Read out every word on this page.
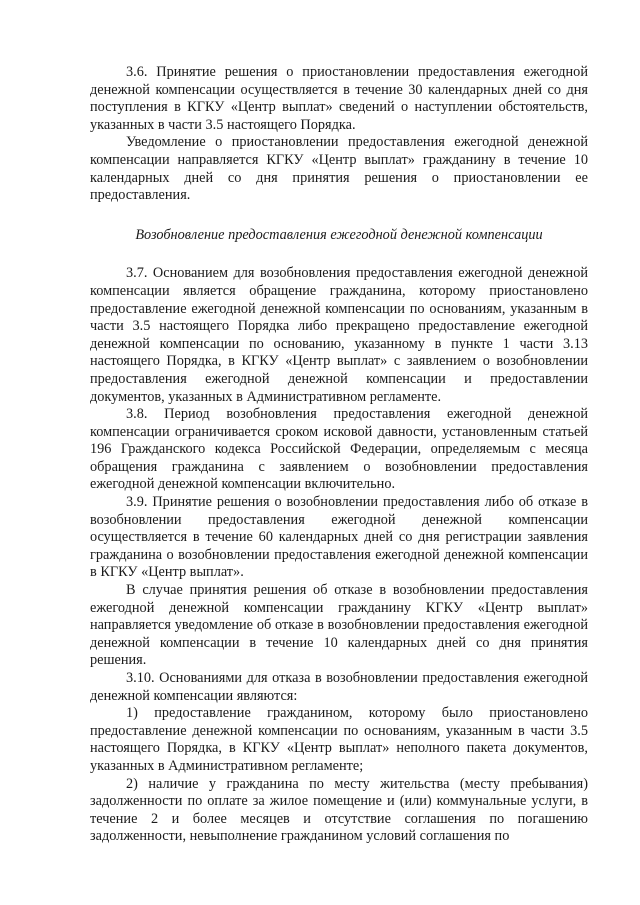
3.6. Принятие решения о приостановлении предоставления ежегодной денежной компенсации осуществляется в течение 30 календарных дней со дня поступления в КГКУ «Центр выплат» сведений о наступлении обстоятельств, указанных в части 3.5 настоящего Порядка.

Уведомление о приостановлении предоставления ежегодной денежной компенсации направляется КГКУ «Центр выплат» гражданину в течение 10 календарных дней со дня принятия решения о приостановлении ее предоставления.

Возобновление предоставления ежегодной денежной компенсации

3.7. Основанием для возобновления предоставления ежегодной денежной компенсации является обращение гражданина, которому приостановлено предоставление ежегодной денежной компенсации по основаниям, указанным в части 3.5 настоящего Порядка либо прекращено предоставление ежегодной денежной компенсации по основанию, указанному в пункте 1 части 3.13 настоящего Порядка, в КГКУ «Центр выплат» с заявлением о возобновлении предоставления ежегодной денежной компенсации и предоставлении документов, указанных в Административном регламенте.

3.8. Период возобновления предоставления ежегодной денежной компенсации ограничивается сроком исковой давности, установленным статьей 196 Гражданского кодекса Российской Федерации, определяемым с месяца обращения гражданина с заявлением о возобновлении предоставления ежегодной денежной компенсации включительно.

3.9. Принятие решения о возобновлении предоставления либо об отказе в возобновлении предоставления ежегодной денежной компенсации осуществляется в течение 60 календарных дней со дня регистрации заявления гражданина о возобновлении предоставления ежегодной денежной компенсации в КГКУ «Центр выплат».

В случае принятия решения об отказе в возобновлении предоставления ежегодной денежной компенсации гражданину КГКУ «Центр выплат» направляется уведомление об отказе в возобновлении предоставления ежегодной денежной компенсации в течение 10 календарных дней со дня принятия решения.

3.10. Основаниями для отказа в возобновлении предоставления ежегодной денежной компенсации являются:

1) предоставление гражданином, которому было приостановлено предоставление денежной компенсации по основаниям, указанным в части 3.5 настоящего Порядка, в КГКУ «Центр выплат» неполного пакета документов, указанных в Административном регламенте;

2) наличие у гражданина по месту жительства (месту пребывания) задолженности по оплате за жилое помещение и (или) коммунальные услуги, в течение 2 и более месяцев и отсутствие соглашения по погашению задолженности, невыполнение гражданином условий соглашения по
